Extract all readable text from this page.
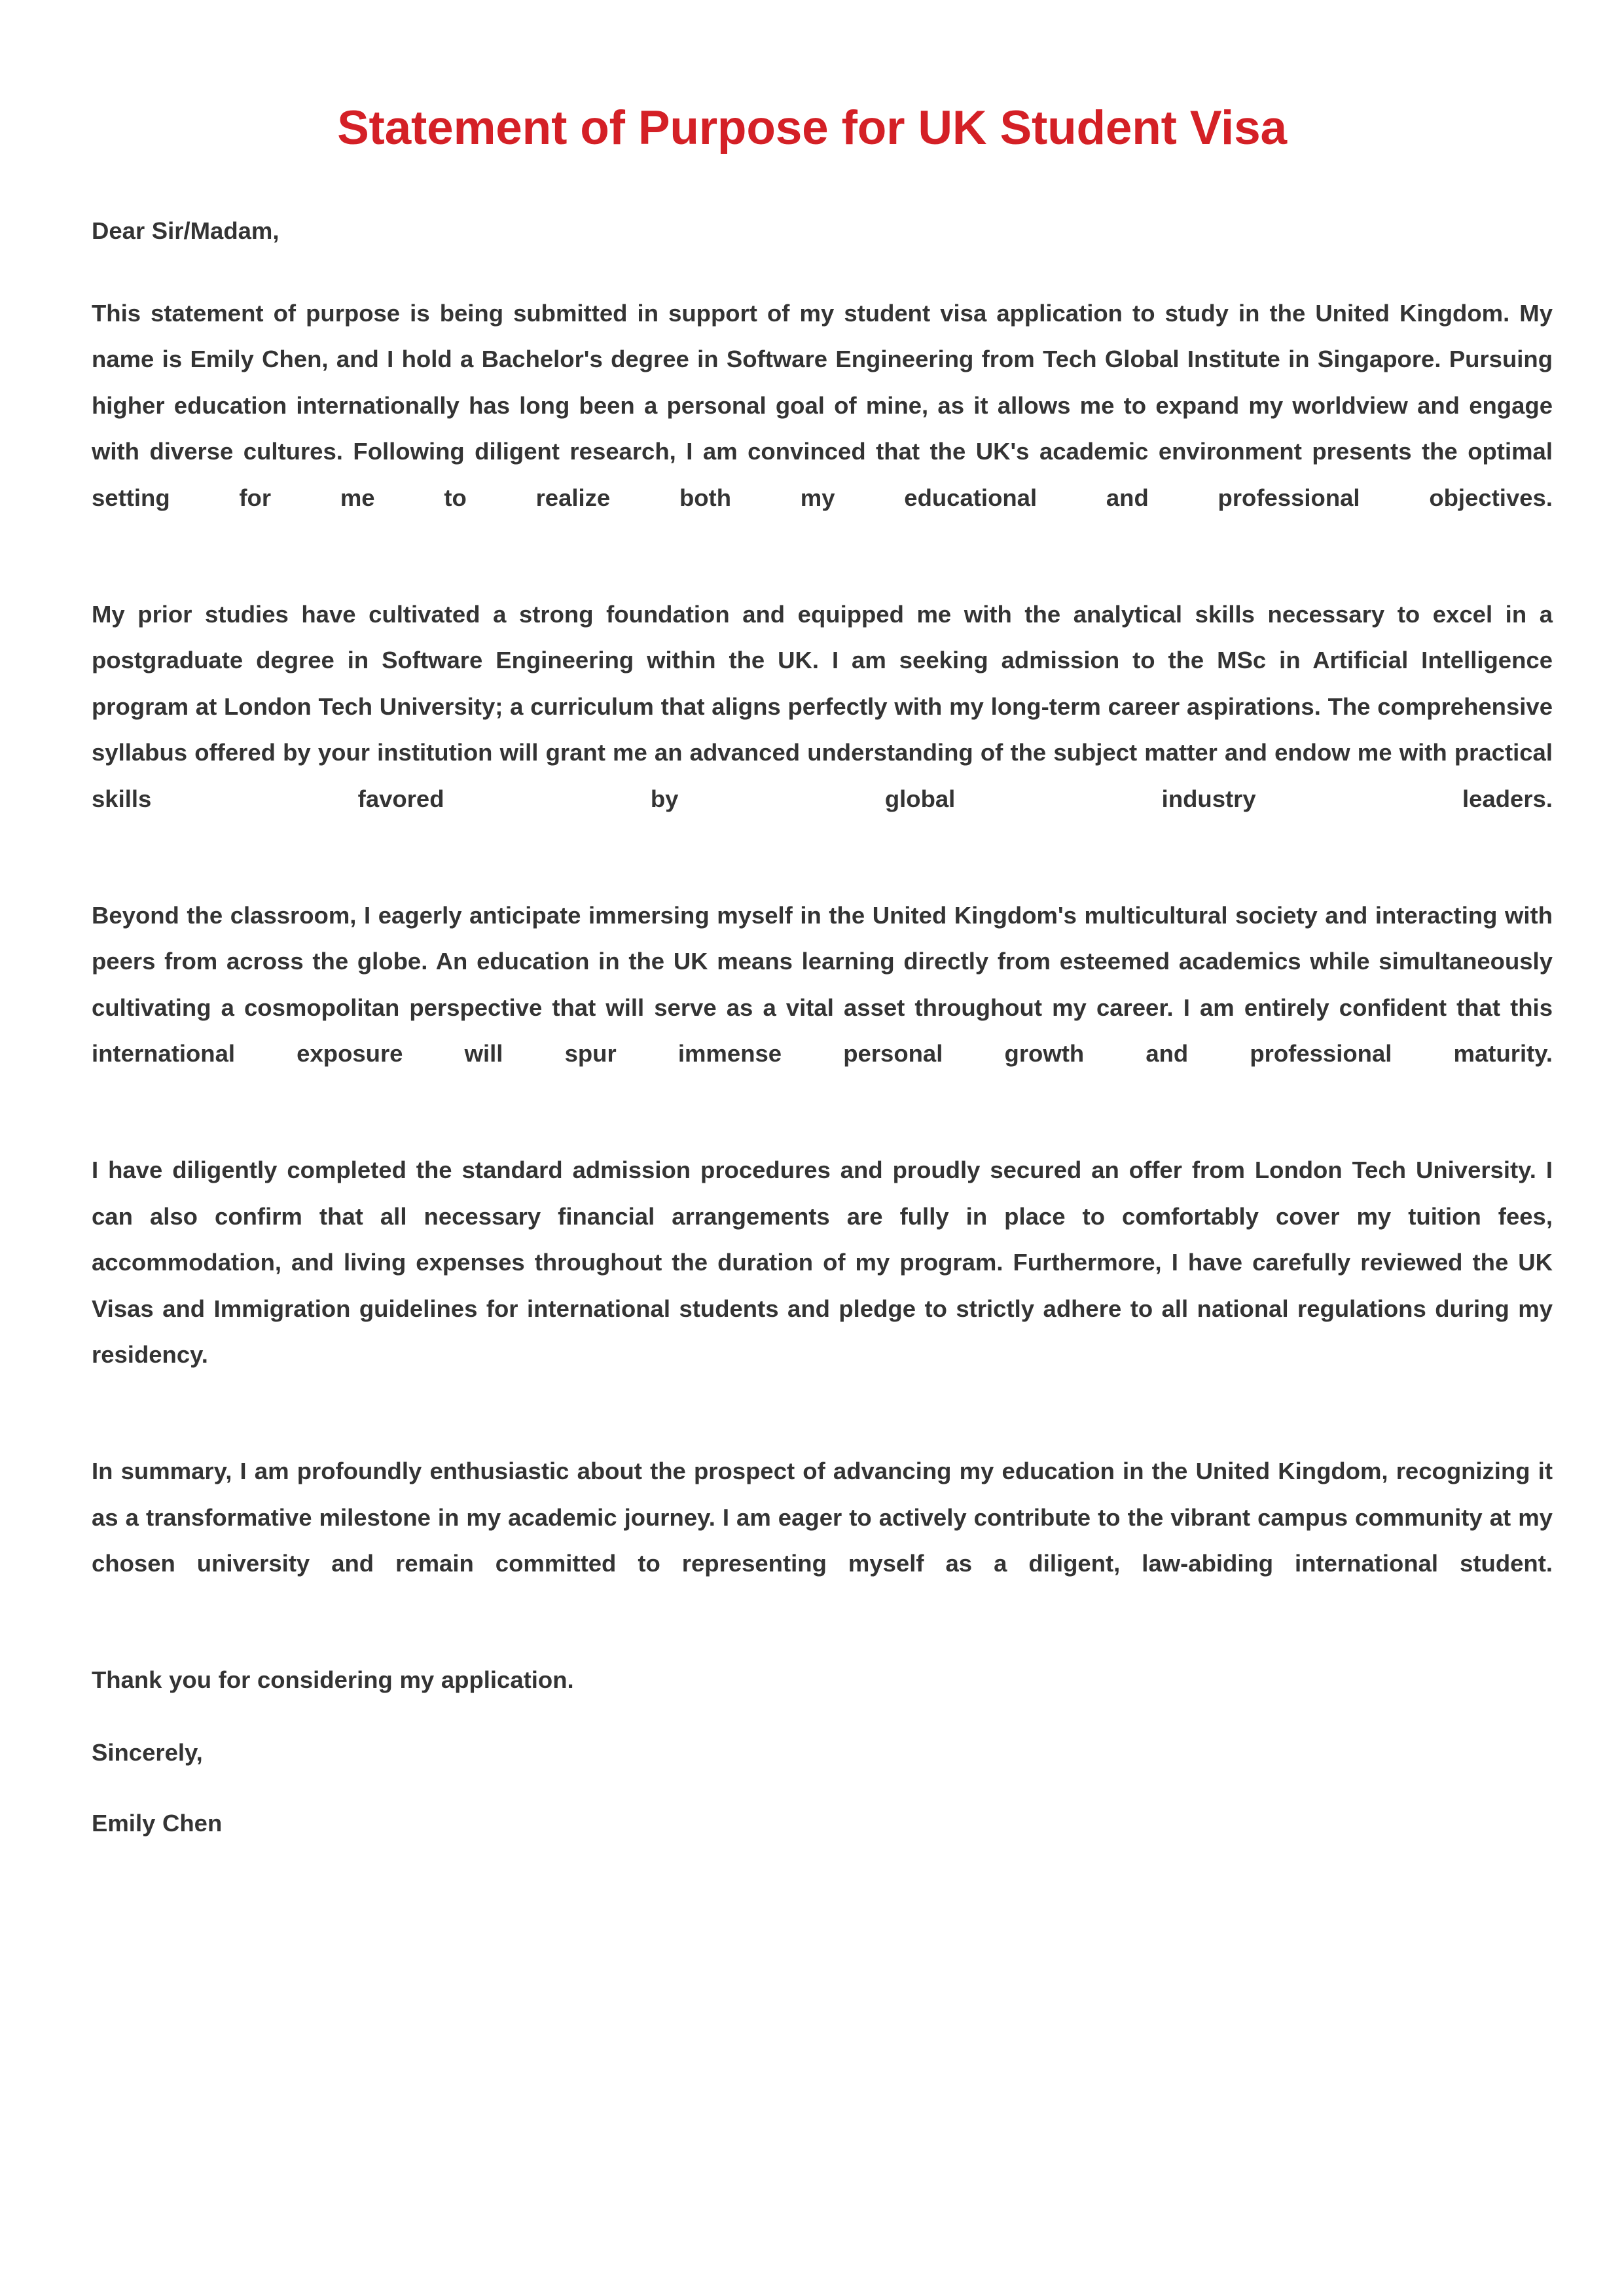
Statement of Purpose for UK Student Visa

Dear Sir/Madam,

This statement of purpose is being submitted in support of my student visa application to study in the United Kingdom. My name is Emily Chen, and I hold a Bachelor's degree in Software Engineering from Tech Global Institute in Singapore. Pursuing higher education internationally has long been a personal goal of mine, as it allows me to expand my worldview and engage with diverse cultures. Following diligent research, I am convinced that the UK's academic environment presents the optimal setting for me to realize both my educational and professional objectives.

My prior studies have cultivated a strong foundation and equipped me with the analytical skills necessary to excel in a postgraduate degree in Software Engineering within the UK. I am seeking admission to the MSc in Artificial Intelligence program at London Tech University; a curriculum that aligns perfectly with my long-term career aspirations. The comprehensive syllabus offered by your institution will grant me an advanced understanding of the subject matter and endow me with practical skills favored by global industry leaders.

Beyond the classroom, I eagerly anticipate immersing myself in the United Kingdom's multicultural society and interacting with peers from across the globe. An education in the UK means learning directly from esteemed academics while simultaneously cultivating a cosmopolitan perspective that will serve as a vital asset throughout my career. I am entirely confident that this international exposure will spur immense personal growth and professional maturity.

I have diligently completed the standard admission procedures and proudly secured an offer from London Tech University. I can also confirm that all necessary financial arrangements are fully in place to comfortably cover my tuition fees, accommodation, and living expenses throughout the duration of my program. Furthermore, I have carefully reviewed the UK Visas and Immigration guidelines for international students and pledge to strictly adhere to all national regulations during my residency.

In summary, I am profoundly enthusiastic about the prospect of advancing my education in the United Kingdom, recognizing it as a transformative milestone in my academic journey. I am eager to actively contribute to the vibrant campus community at my chosen university and remain committed to representing myself as a diligent, law-abiding international student.

Thank you for considering my application.

Sincerely,

Emily Chen
